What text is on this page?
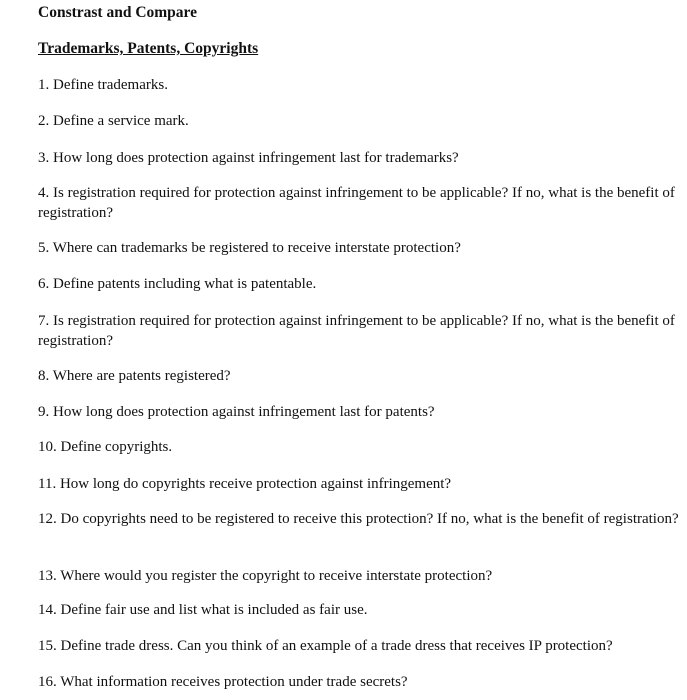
Constrast and Compare
Trademarks, Patents, Copyrights
1. Define trademarks.
2. Define a service mark.
3. How long does protection against infringement last for trademarks?
4. Is registration required for protection against infringement to be applicable? If no, what is the benefit of registration?
5. Where can trademarks be registered to receive interstate protection?
6. Define patents including what is patentable.
7. Is registration required for protection against infringement to be applicable? If no, what is the benefit of registration?
8. Where are patents registered?
9. How long does protection against infringement last for patents?
10. Define copyrights.
11. How long do copyrights receive protection against infringement?
12. Do copyrights need to be registered to receive this protection? If no, what is the benefit of registration?
13. Where would you register the copyright to receive interstate protection?
14. Define fair use and list what is included as fair use.
15. Define trade dress. Can you think of an example of a trade dress that receives IP protection?
16. What information receives protection under trade secrets?
